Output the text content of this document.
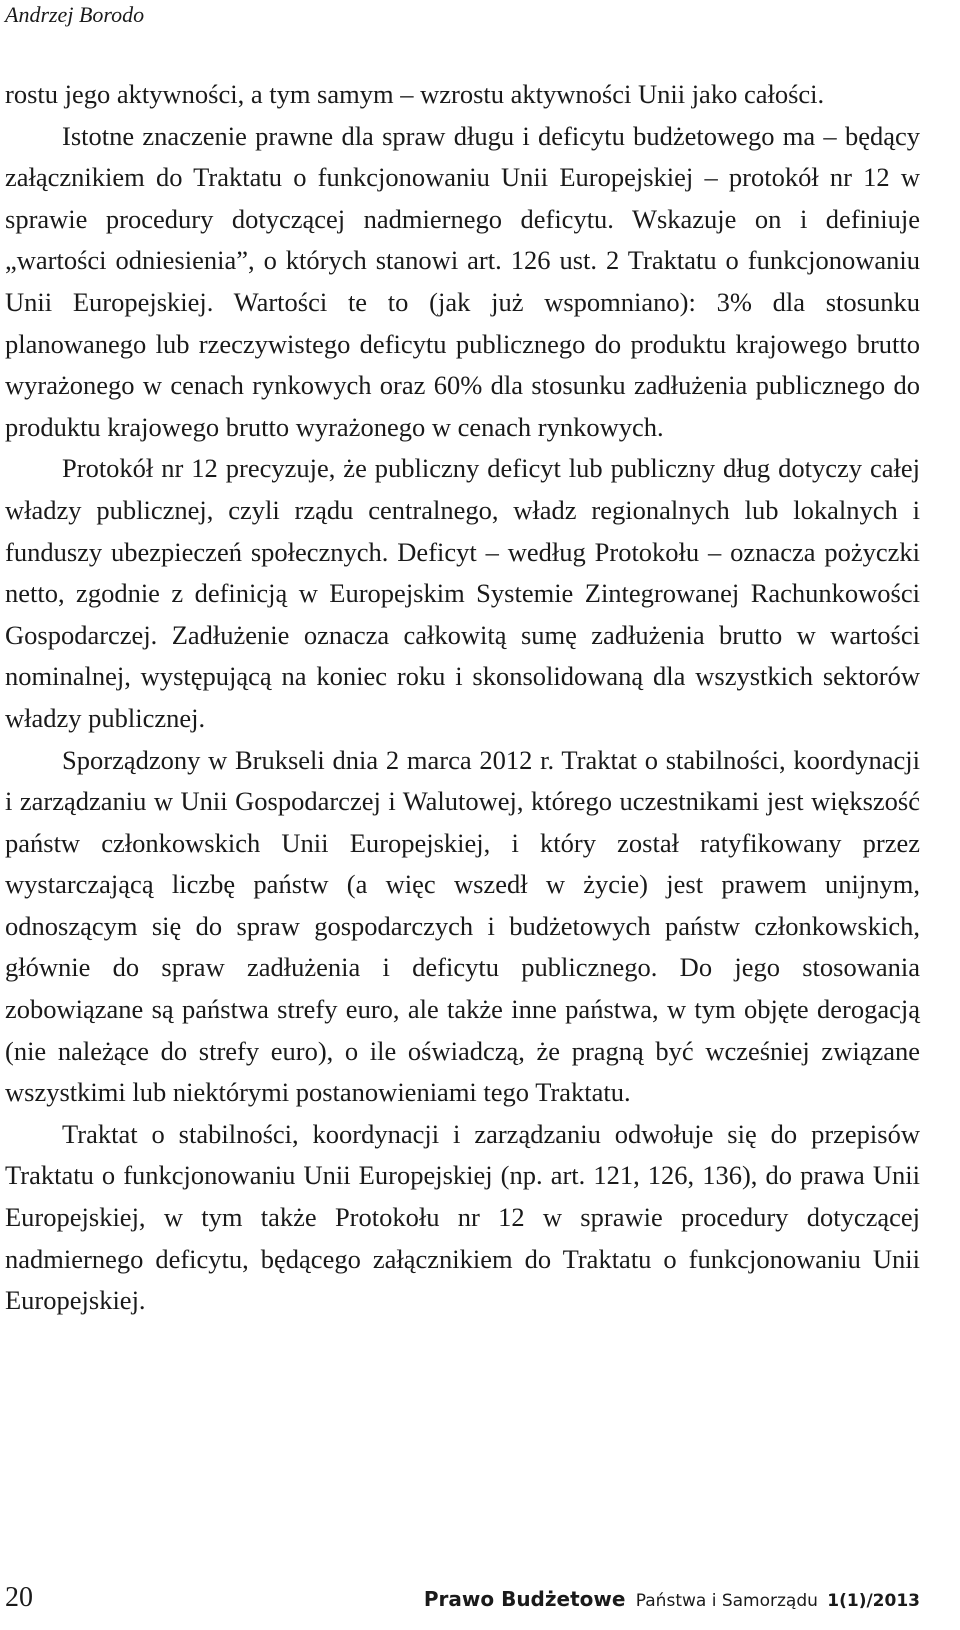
Andrzej Borodo

rostu jego aktywności, a tym samym – wzrostu aktywności Unii jako całości.

Istotne znaczenie prawne dla spraw długu i deficytu budżetowego ma – będący załącznikiem do Traktatu o funkcjonowaniu Unii Europejskiej – protokół nr 12 w sprawie procedury dotyczącej nadmiernego deficytu. Wskazuje on i definiuje „wartości odniesienia”, o których stanowi art. 126 ust. 2 Traktatu o funkcjonowaniu Unii Europejskiej. Wartości te to (jak już wspomniano): 3% dla stosunku planowanego lub rzeczywistego deficytu publicznego do produktu krajowego brutto wyrażonego w cenach rynkowych oraz 60% dla stosunku zadłużenia publicznego do produktu krajowego brutto wyrażonego w cenach rynkowych.

Protokół nr 12 precyzuje, że publiczny deficyt lub publiczny dług dotyczy całej władzy publicznej, czyli rządu centralnego, władz regionalnych lub lokalnych i funduszy ubezpieczeń społecznych. Deficyt – według Protokołu – oznacza pożyczki netto, zgodnie z definicją w Europejskim Systemie Zintegrowanej Rachunkowości Gospodarczej. Zadłużenie oznacza całkowitą sumę zadłużenia brutto w wartości nominalnej, występującą na koniec roku i skonsolidowaną dla wszystkich sektorów władzy publicznej.

Sporządzony w Brukseli dnia 2 marca 2012 r. Traktat o stabilności, koordynacji i zarządzaniu w Unii Gospodarczej i Walutowej, którego uczestnikami jest większość państw członkowskich Unii Europejskiej, i który został ratyfikowany przez wystarczającą liczbę państw (a więc wszedł w życie) jest prawem unijnym, odnoszącym się do spraw gospodarczych i budżetowych państw członkowskich, głównie do spraw zadłużenia i deficytu publicznego. Do jego stosowania zobowiązane są państwa strefy euro, ale także inne państwa, w tym objęte derogacją (nie należące do strefy euro), o ile oświadczą, że pragną być wcześniej związane wszystkimi lub niektórymi postanowieniami tego Traktatu.

Traktat o stabilności, koordynacji i zarządzaniu odwołuje się do przepisów Traktatu o funkcjonowaniu Unii Europejskiej (np. art. 121, 126, 136), do prawa Unii Europejskiej, w tym także Protokołu nr 12 w sprawie procedury dotyczącej nadmiernego deficytu, będącego załącznikiem do Traktatu o funkcjonowaniu Unii Europejskiej.

20	Prawo Budżetowe Państwa i Samorządu 1(1)/2013
